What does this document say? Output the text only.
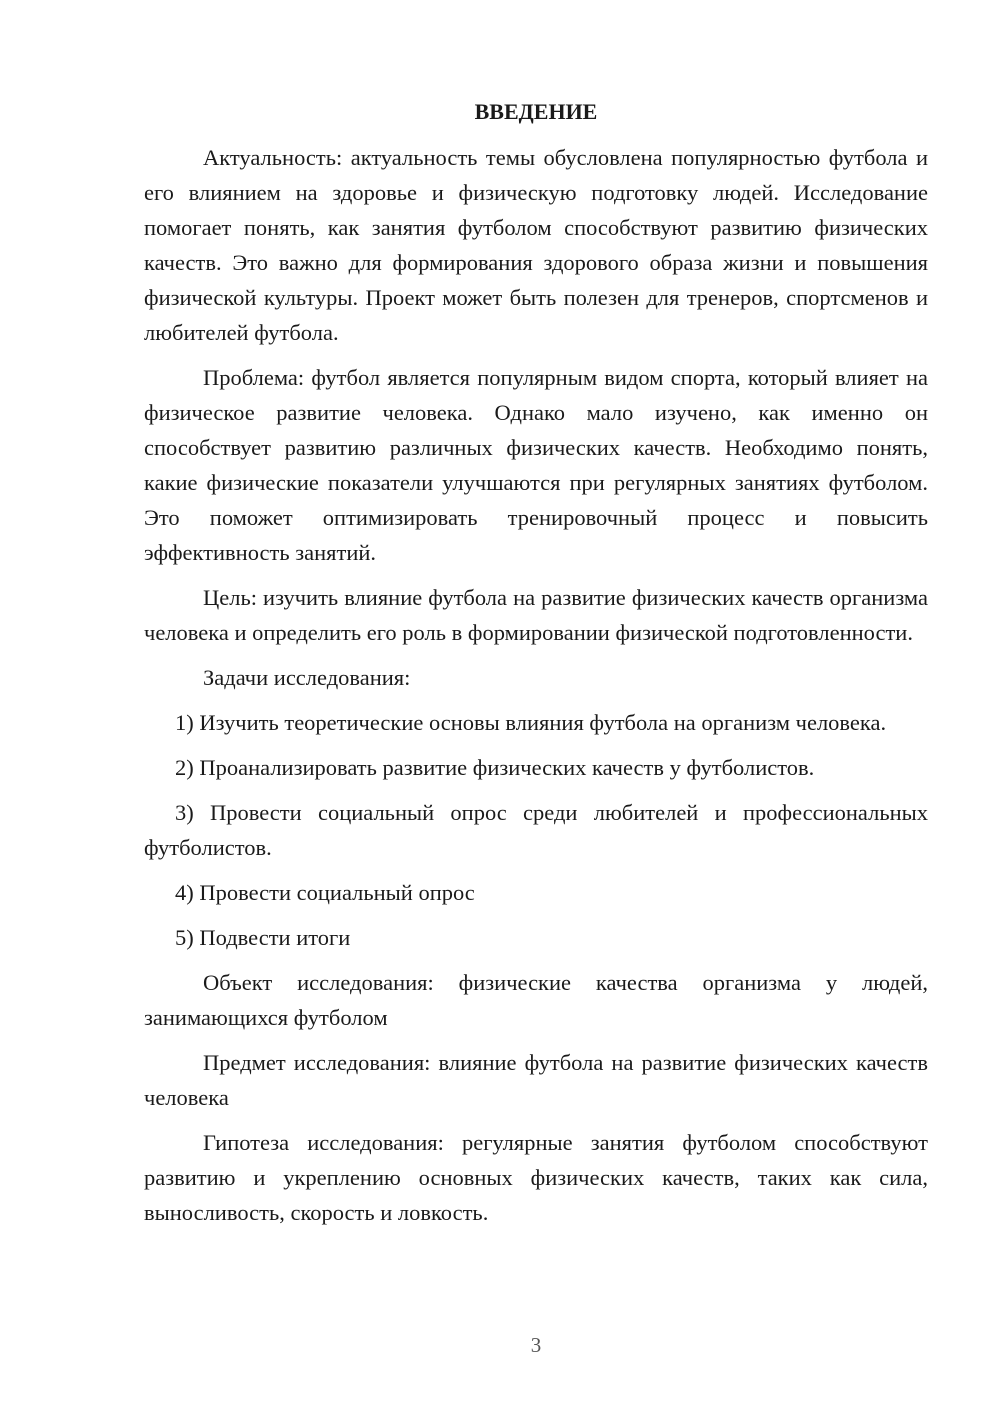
ВВЕДЕНИЕ

Актуальность: актуальность темы обусловлена популярностью футбола и его влиянием на здоровье и физическую подготовку людей. Исследование помогает понять, как занятия футболом способствуют развитию физических качеств. Это важно для формирования здорового образа жизни и повышения физической культуры. Проект может быть полезен для тренеров, спортсменов и любителей футбола.

Проблема: футбол является популярным видом спорта, который влияет на физическое развитие человека. Однако мало изучено, как именно он способствует развитию различных физических качеств. Необходимо понять, какие физические показатели улучшаются при регулярных занятиях футболом. Это поможет оптимизировать тренировочный процесс и повысить эффективность занятий.

Цель: изучить влияние футбола на развитие физических качеств организма человека и определить его роль в формировании физической подготовленности.

Задачи исследования:

1) Изучить теоретические основы влияния футбола на организм человека.

2) Проанализировать развитие физических качеств у футболистов.

3) Провести социальный опрос среди любителей и профессиональных футболистов.

4) Провести социальный опрос

5) Подвести итоги

Объект исследования: физические качества организма у людей, занимающихся футболом

Предмет исследования: влияние футбола на развитие физических качеств человека

Гипотеза исследования: регулярные занятия футболом способствуют развитию и укреплению основных физических качеств, таких как сила, выносливость, скорость и ловкость.

3
